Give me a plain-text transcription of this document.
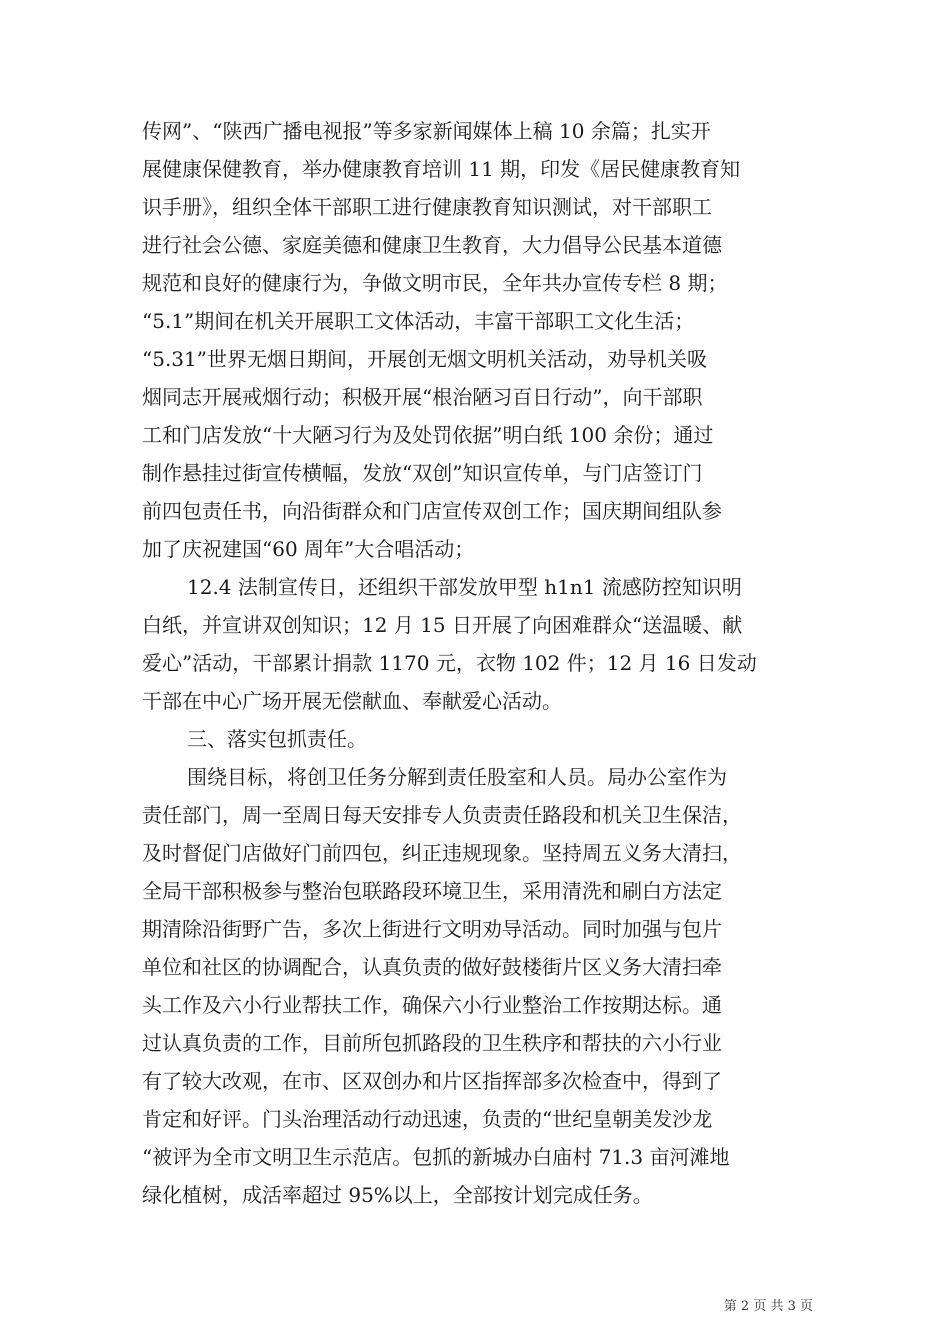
传网”、“陕西广播电视报”等多家新闻媒体上稿 10 余篇；扎实开
展健康保健教育，举办健康教育培训 11 期，印发《居民健康教育知
识手册》，组织全体干部职工进行健康教育知识测试，对干部职工
进行社会公德、家庭美德和健康卫生教育，大力倡导公民基本道德
规范和良好的健康行为，争做文明市民，全年共办宣传专栏 8 期；
“5.1”期间在机关开展职工文体活动，丰富干部职工文化生活；
“5.31”世界无烟日期间，开展创无烟文明机关活动，劝导机关吸
烟同志开展戒烟行动；积极开展“根治陋习百日行动”，向干部职
工和门店发放“十大陋习行为及处罚依据”明白纸 100 余份；通过
制作悬挂过街宣传横幅，发放“双创”知识宣传单，与门店签订门
前四包责任书，向沿街群众和门店宣传双创工作；国庆期间组队参
加了庆祝建国“60 周年”大合唱活动；
12.4 法制宣传日，还组织干部发放甲型 h1n1 流感防控知识明
白纸，并宣讲双创知识；12 月 15 日开展了向困难群众“送温暖、献
爱心”活动，干部累计捐款 1170 元，衣物 102 件；12 月 16 日发动
干部在中心广场开展无偿献血、奉献爱心活动。
三、落实包抓责任。
围绕目标，将创卫任务分解到责任股室和人员。局办公室作为
责任部门，周一至周日每天安排专人负责责任路段和机关卫生保洁，
及时督促门店做好门前四包，纠正违规现象。坚持周五义务大清扫，
全局干部积极参与整治包联路段环境卫生，采用清洗和刷白方法定
期清除沿街野广告，多次上街进行文明劝导活动。同时加强与包片
单位和社区的协调配合，认真负责的做好鼓楼街片区义务大清扫牵
头工作及六小行业帮扶工作，确保六小行业整治工作按期达标。通
过认真负责的工作，目前所包抓路段的卫生秩序和帮扶的六小行业
有了较大改观，在市、区双创办和片区指挥部多次检查中，得到了
肯定和好评。门头治理活动行动迅速，负责的“世纪皇朝美发沙龙
“被评为全市文明卫生示范店。包抓的新城办白庙村 71.3 亩河滩地
绿化植树，成活率超过 95%以上，全部按计划完成任务。
第 2 页 共 3 页
